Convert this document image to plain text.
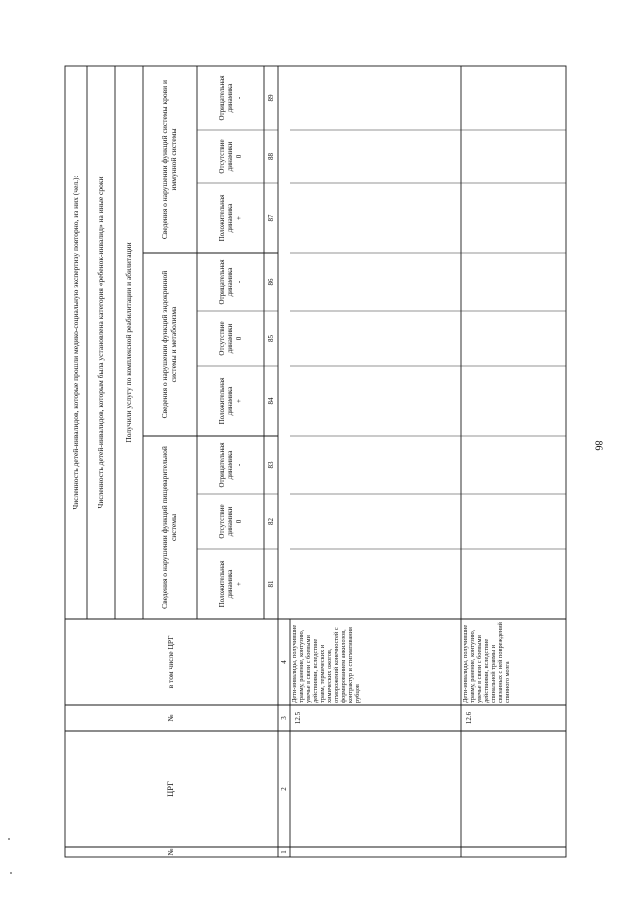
86
Численность детей-инвалидов, которые прошли медико-социальную экспертизу повторно, из них (чел.):	Численность детей-инвалидов, которым была установлена категория «ребенок-инвалид» на иные сроки	Получили услугу по комплексной реабилитации и абилитации
Сведения о нарушении функций пищеварительной системы
Сведения о нарушении функций эндокринной системы и метаболизма
Сведения о нарушении функций системы крови и иммунной системы
Положительная динамика +
Отсутствие динамики 0
Отрицательная динамика -
Положительная динамика +
Отсутствие динамики 0
Отрицательная динамика -
Положительная динамика +
Отсутствие динамики 0
Отрицательная динамика -
81
82
83
84
85
86
87
88
89
в том числе ЦРГ
№
ЦРГ
№
4
3
2
1
12.5
Дети-инвалиды, получившие травму, ранение, контузию, увечье в связи с боевыми действиями, вследствие травм, термических и химических ожогов, отморожений конечностей с формированием анкилозов, контрактур и стигмативания рубцов
12.6
Дети-инвалиды, получившие травму, ранение, контузию, увечье в связи с боевыми действиями, вследствие спинальной травмы и связанных с ней повреждений спинного мозга
